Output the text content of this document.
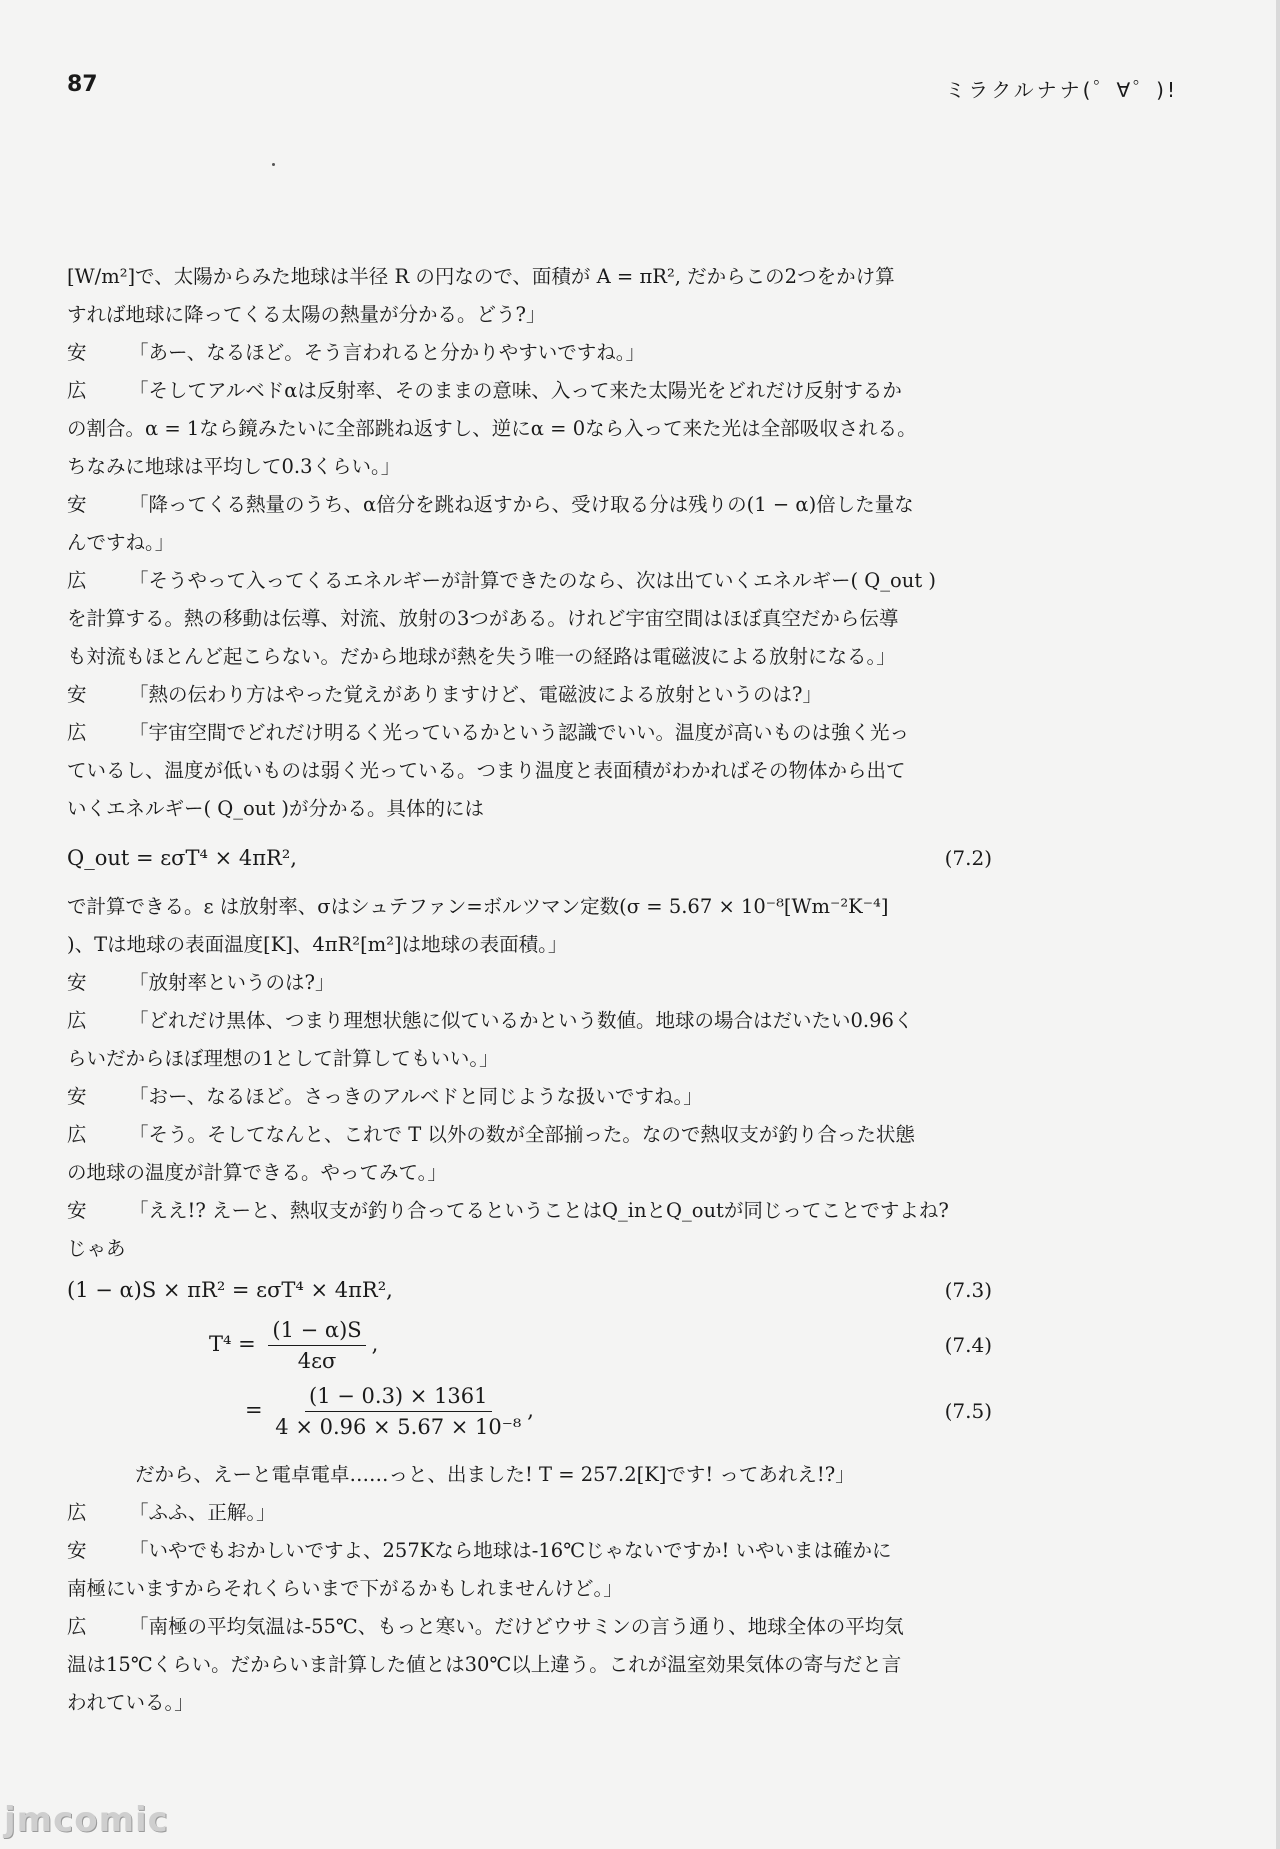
87	ミラクルナナ(゜∀゜)!
[W/m²]で、太陽からみた地球は半径 R の円なので、面積が A = πR², だからこの2つをかけ算
すれば地球に降ってくる太陽の熱量が分かる。どう?」
安	「あー、なるほど。そう言われると分かりやすいですね。」
広	「そしてアルベドαは反射率、そのままの意味、入って来た太陽光をどれだけ反射するか
の割合。α = 1なら鏡みたいに全部跳ね返すし、逆にα = 0なら入って来た光は全部吸収される。
ちなみに地球は平均して0.3くらい。」
安	「降ってくる熱量のうち、α倍分を跳ね返すから、受け取る分は残りの(1 − α)倍した量な
んですね。」
広	「そうやって入ってくるエネルギーが計算できたのなら、次は出ていくエネルギー( Q_out )
を計算する。熱の移動は伝導、対流、放射の3つがある。けれど宇宙空間はほぼ真空だから伝導
も対流もほとんど起こらない。だから地球が熱を失う唯一の経路は電磁波による放射になる。」
安	「熱の伝わり方はやった覚えがありますけど、電磁波による放射というのは?」
広	「宇宙空間でどれだけ明るく光っているかという認識でいい。温度が高いものは強く光っ
ているし、温度が低いものは弱く光っている。つまり温度と表面積がわかればその物体から出て
いくエネルギー( Q_out )が分かる。具体的には
Q_out = εσT⁴ × 4πR²,	(7.2)
で計算できる。ε は放射率、σはシュテファン=ボルツマン定数(σ = 5.67 × 10⁻⁸[Wm⁻²K⁻⁴]
)、Tは地球の表面温度[K]、4πR²[m²]は地球の表面積。」
安	「放射率というのは?」
広	「どれだけ黒体、つまり理想状態に似ているかという数値。地球の場合はだいたい0.96く
らいだからほぼ理想の1として計算してもいい。」
安	「おー、なるほど。さっきのアルベドと同じような扱いですね。」
広	「そう。そしてなんと、これで T 以外の数が全部揃った。なので熱収支が釣り合った状態
の地球の温度が計算できる。やってみて。」
安	「ええ!? えーと、熱収支が釣り合ってるということはQ_inとQ_outが同じってことですよね?
じゃあ
(1 − α)S × πR² = εσT⁴ × 4πR²,	(7.3)
$T^4 = \frac{(1 - \alpha)S}{4\varepsilon\sigma}$ ,	(7.4)
= $\frac{(1 - 0.3) \times 1361}{\text{4 × 0.96 × 5.67 × 10⁻⁸}}$ ,	(7.5)
だから、えーと電卓電卓……っと、出ました! T = 257.2[K]です! ってあれえ!?」
広	「ふふ、正解。」
安	「いやでもおかしいですよ、257Kなら地球は-16℃じゃないですか! いやいまは確かに
南極にいますからそれくらいまで下がるかもしれませんけど。」
広	「南極の平均気温は-55℃、もっと寒い。だけどウサミンの言う通り、地球全体の平均気
温は15℃くらい。だからいま計算した値とは30℃以上違う。これが温室効果気体の寄与だと言
われている。」
jmcomic
